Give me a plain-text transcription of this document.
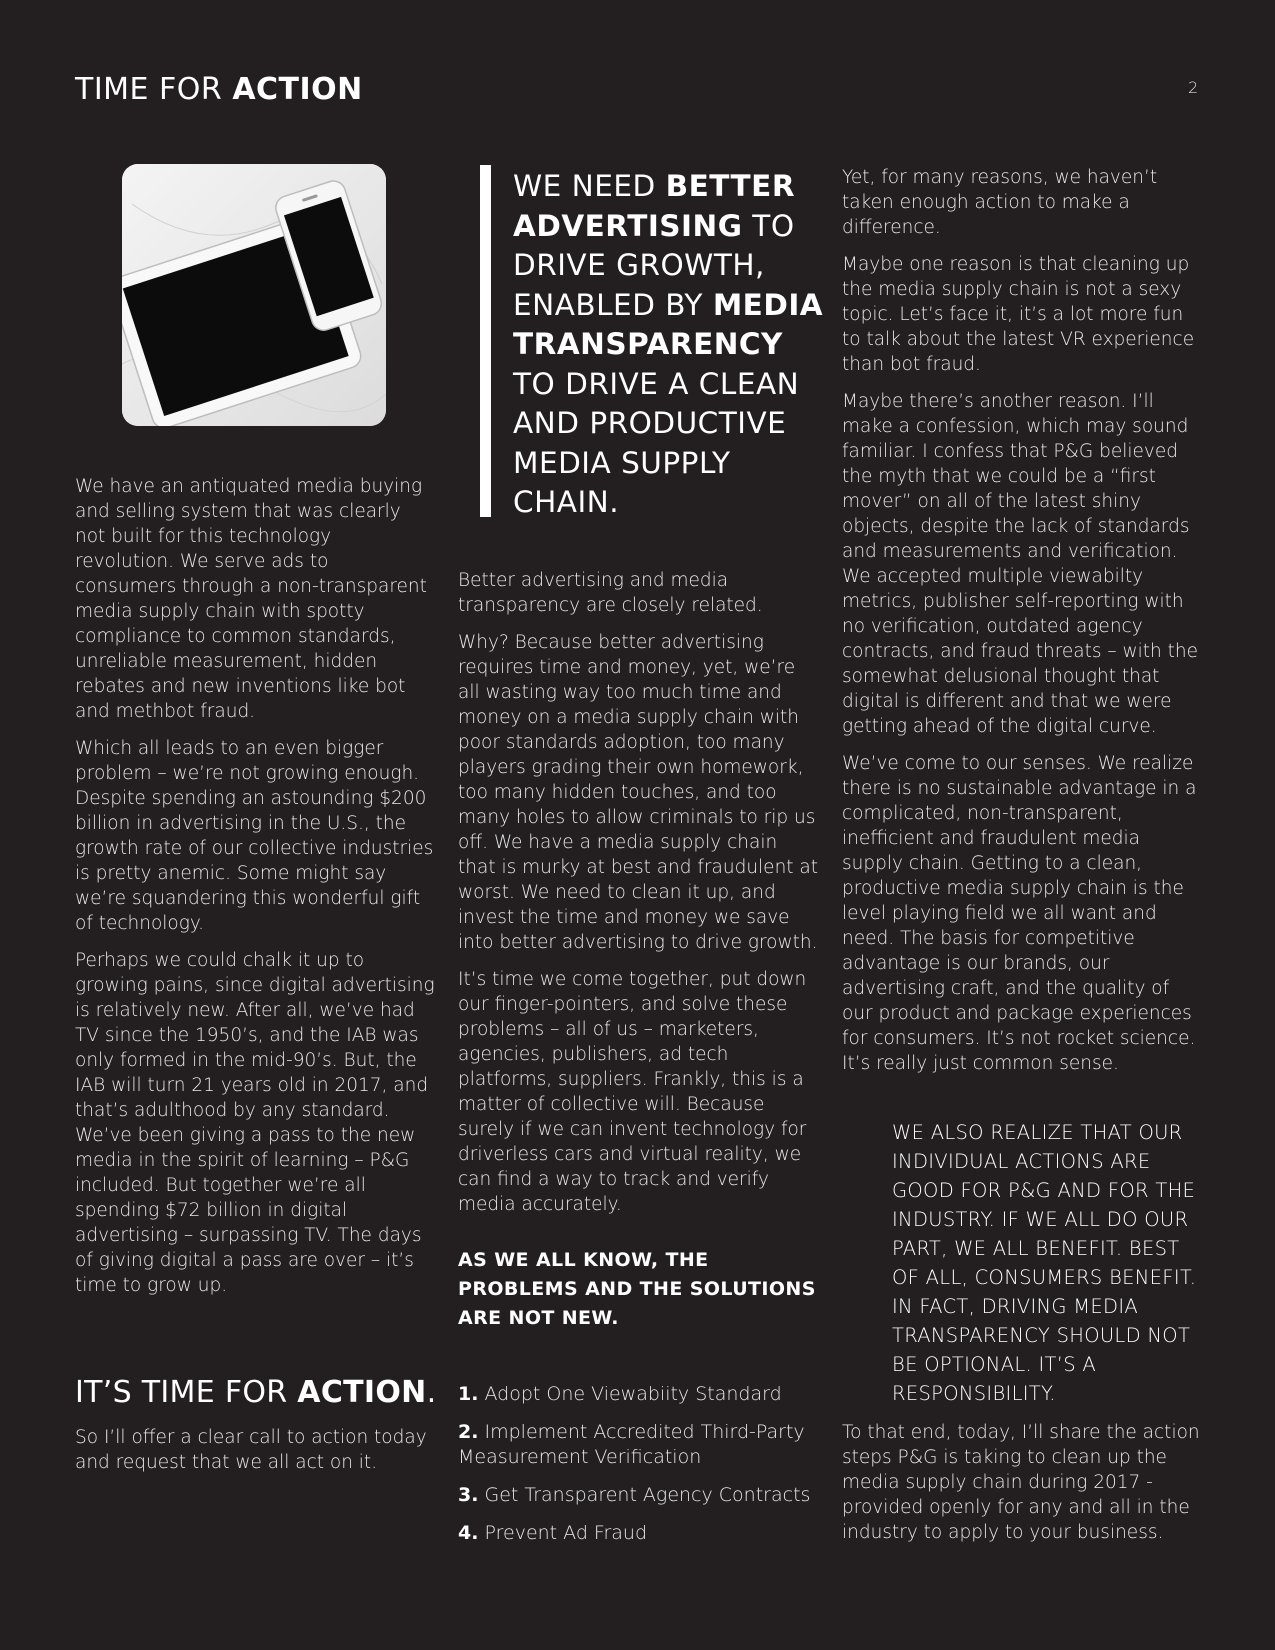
TIME FOR ACTION	2

We have an antiquated media buying and selling system that was clearly not built for this technology revolution. We serve ads to consumers through a non-transparent media supply chain with spotty compliance to common standards, unreliable measurement, hidden rebates and new inventions like bot and methbot fraud.

Which all leads to an even bigger problem – we’re not growing enough. Despite spending an astounding $200 billion in advertising in the U.S., the growth rate of our collective industries is pretty anemic. Some might say we’re squandering this wonderful gift of technology.

Perhaps we could chalk it up to growing pains, since digital advertising is relatively new. After all, we’ve had TV since the 1950’s, and the IAB was only formed in the mid-90’s. But, the IAB will turn 21 years old in 2017, and that’s adulthood by any standard. We’ve been giving a pass to the new media in the spirit of learning – P&G included. But together we’re all spending $72 billion in digital advertising – surpassing TV. The days of giving digital a pass are over – it’s time to grow up.

IT’S TIME FOR ACTION.
So I’ll offer a clear call to action today and request that we all act on it.
WE NEED BETTER ADVERTISING TO DRIVE GROWTH, ENABLED BY MEDIA TRANSPARENCY TO DRIVE A CLEAN AND PRODUCTIVE MEDIA SUPPLY CHAIN.

Better advertising and media transparency are closely related.

Why? Because better advertising requires time and money, yet, we’re all wasting way too much time and money on a media supply chain with poor standards adoption, too many players grading their own homework, too many hidden touches, and too many holes to allow criminals to rip us off. We have a media supply chain that is murky at best and fraudulent at worst. We need to clean it up, and invest the time and money we save into better advertising to drive growth.

It’s time we come together, put down our finger-pointers, and solve these problems – all of us – marketers, agencies, publishers, ad tech platforms, suppliers. Frankly, this is a matter of collective will. Because surely if we can invent technology for driverless cars and virtual reality, we can find a way to track and verify media accurately.

AS WE ALL KNOW, THE PROBLEMS AND THE SOLUTIONS ARE NOT NEW.
1. Adopt One Viewabiity Standard
2. Implement Accredited Third-Party Measurement Verification
3. Get Transparent Agency Contracts
4. Prevent Ad Fraud

Yet, for many reasons, we haven’t taken enough action to make a difference.

Maybe one reason is that cleaning up the media supply chain is not a sexy topic. Let’s face it, it’s a lot more fun to talk about the latest VR experience than bot fraud.

Maybe there’s another reason. I’ll make a confession, which may sound familiar. I confess that P&G believed the myth that we could be a “first mover” on all of the latest shiny objects, despite the lack of standards and measurements and verification. We accepted multiple viewabilty metrics, publisher self-reporting with no verification, outdated agency contracts, and fraud threats – with the somewhat delusional thought that digital is different and that we were getting ahead of the digital curve.

We’ve come to our senses. We realize there is no sustainable advantage in a complicated, non-transparent, inefficient and fraudulent media supply chain. Getting to a clean, productive media supply chain is the level playing field we all want and need. The basis for competitive advantage is our brands, our advertising craft, and the quality of our product and package experiences for consumers. It’s not rocket science. It’s really just common sense.

WE ALSO REALIZE THAT OUR INDIVIDUAL ACTIONS ARE GOOD FOR P&G AND FOR THE INDUSTRY. IF WE ALL DO OUR PART, WE ALL BENEFIT. BEST OF ALL, CONSUMERS BENEFIT. IN FACT, DRIVING MEDIA TRANSPARENCY SHOULD NOT BE OPTIONAL. IT’S A RESPONSIBILITY.
To that end, today, I’ll share the action steps P&G is taking to clean up the media supply chain during 2017 - provided openly for any and all in the industry to apply to your business.
